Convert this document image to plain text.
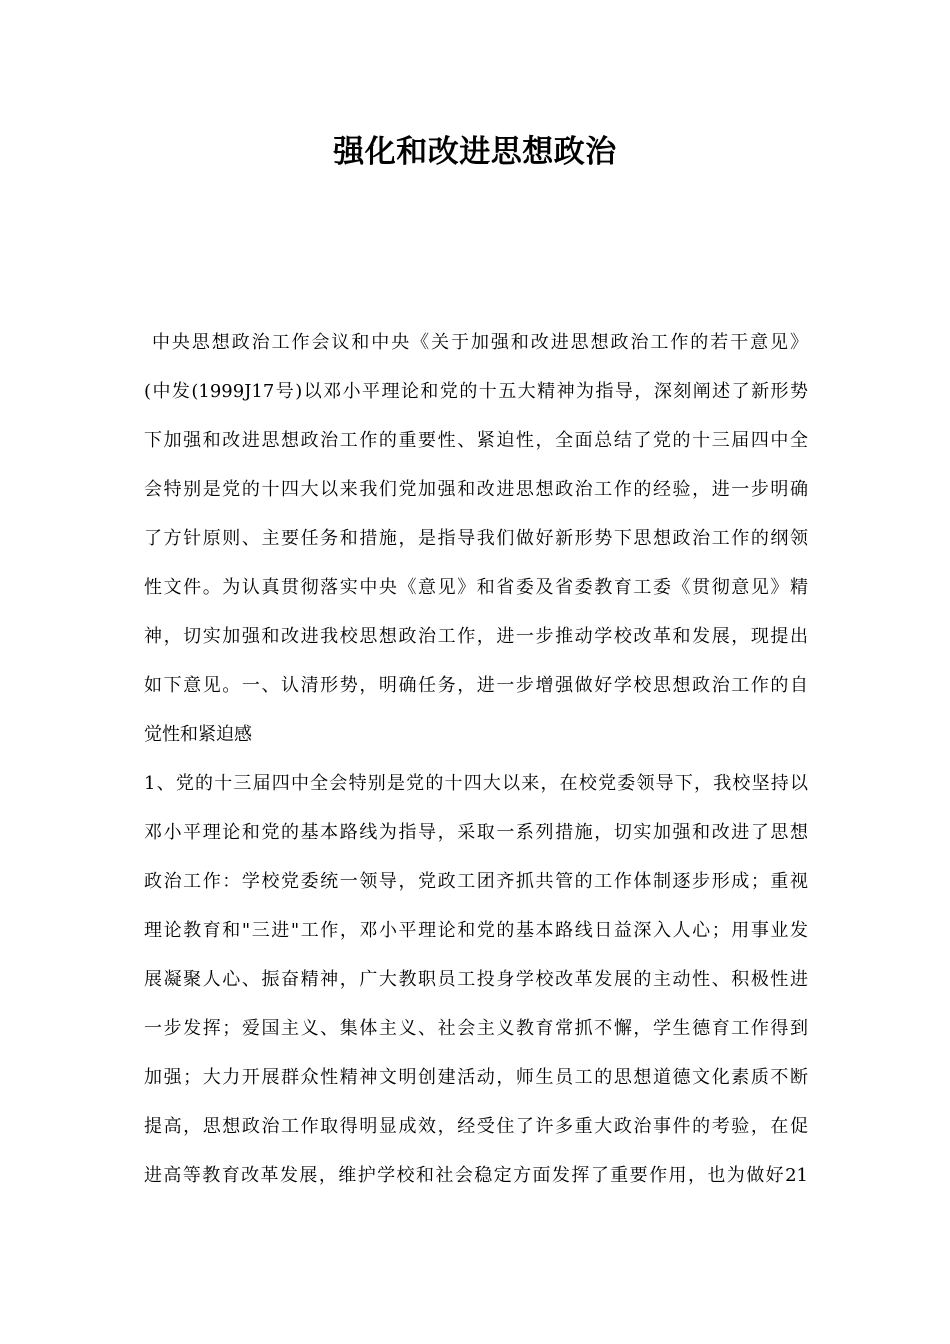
强化和改进思想政治
中央思想政治工作会议和中央《关于加强和改进思想政治工作的若干意见》
(中发(1999J17号)以邓小平理论和党的十五大精神为指导，深刻阐述了新形势
下加强和改进思想政治工作的重要性、紧迫性，全面总结了党的十三届四中全
会特别是党的十四大以来我们党加强和改进思想政治工作的经验，进一步明确
了方针原则、主要任务和措施，是指导我们做好新形势下思想政治工作的纲领
性文件。为认真贯彻落实中央《意见》和省委及省委教育工委《贯彻意见》精
神，切实加强和改进我校思想政治工作，进一步推动学校改革和发展，现提出
如下意见。一、认清形势，明确任务，进一步增强做好学校思想政治工作的自
觉性和紧迫感
1、党的十三届四中全会特别是党的十四大以来，在校党委领导下，我校坚持以
邓小平理论和党的基本路线为指导，采取一系列措施，切实加强和改进了思想
政治工作：学校党委统一领导，党政工团齐抓共管的工作体制逐步形成；重视
理论教育和"三进"工作，邓小平理论和党的基本路线日益深入人心；用事业发
展凝聚人心、振奋精神，广大教职员工投身学校改革发展的主动性、积极性进
一步发挥；爱国主义、集体主义、社会主义教育常抓不懈，学生德育工作得到
加强；大力开展群众性精神文明创建活动，师生员工的思想道德文化素质不断
提高，思想政治工作取得明显成效，经受住了许多重大政治事件的考验，在促
进高等教育改革发展，维护学校和社会稳定方面发挥了重要作用，也为做好21
